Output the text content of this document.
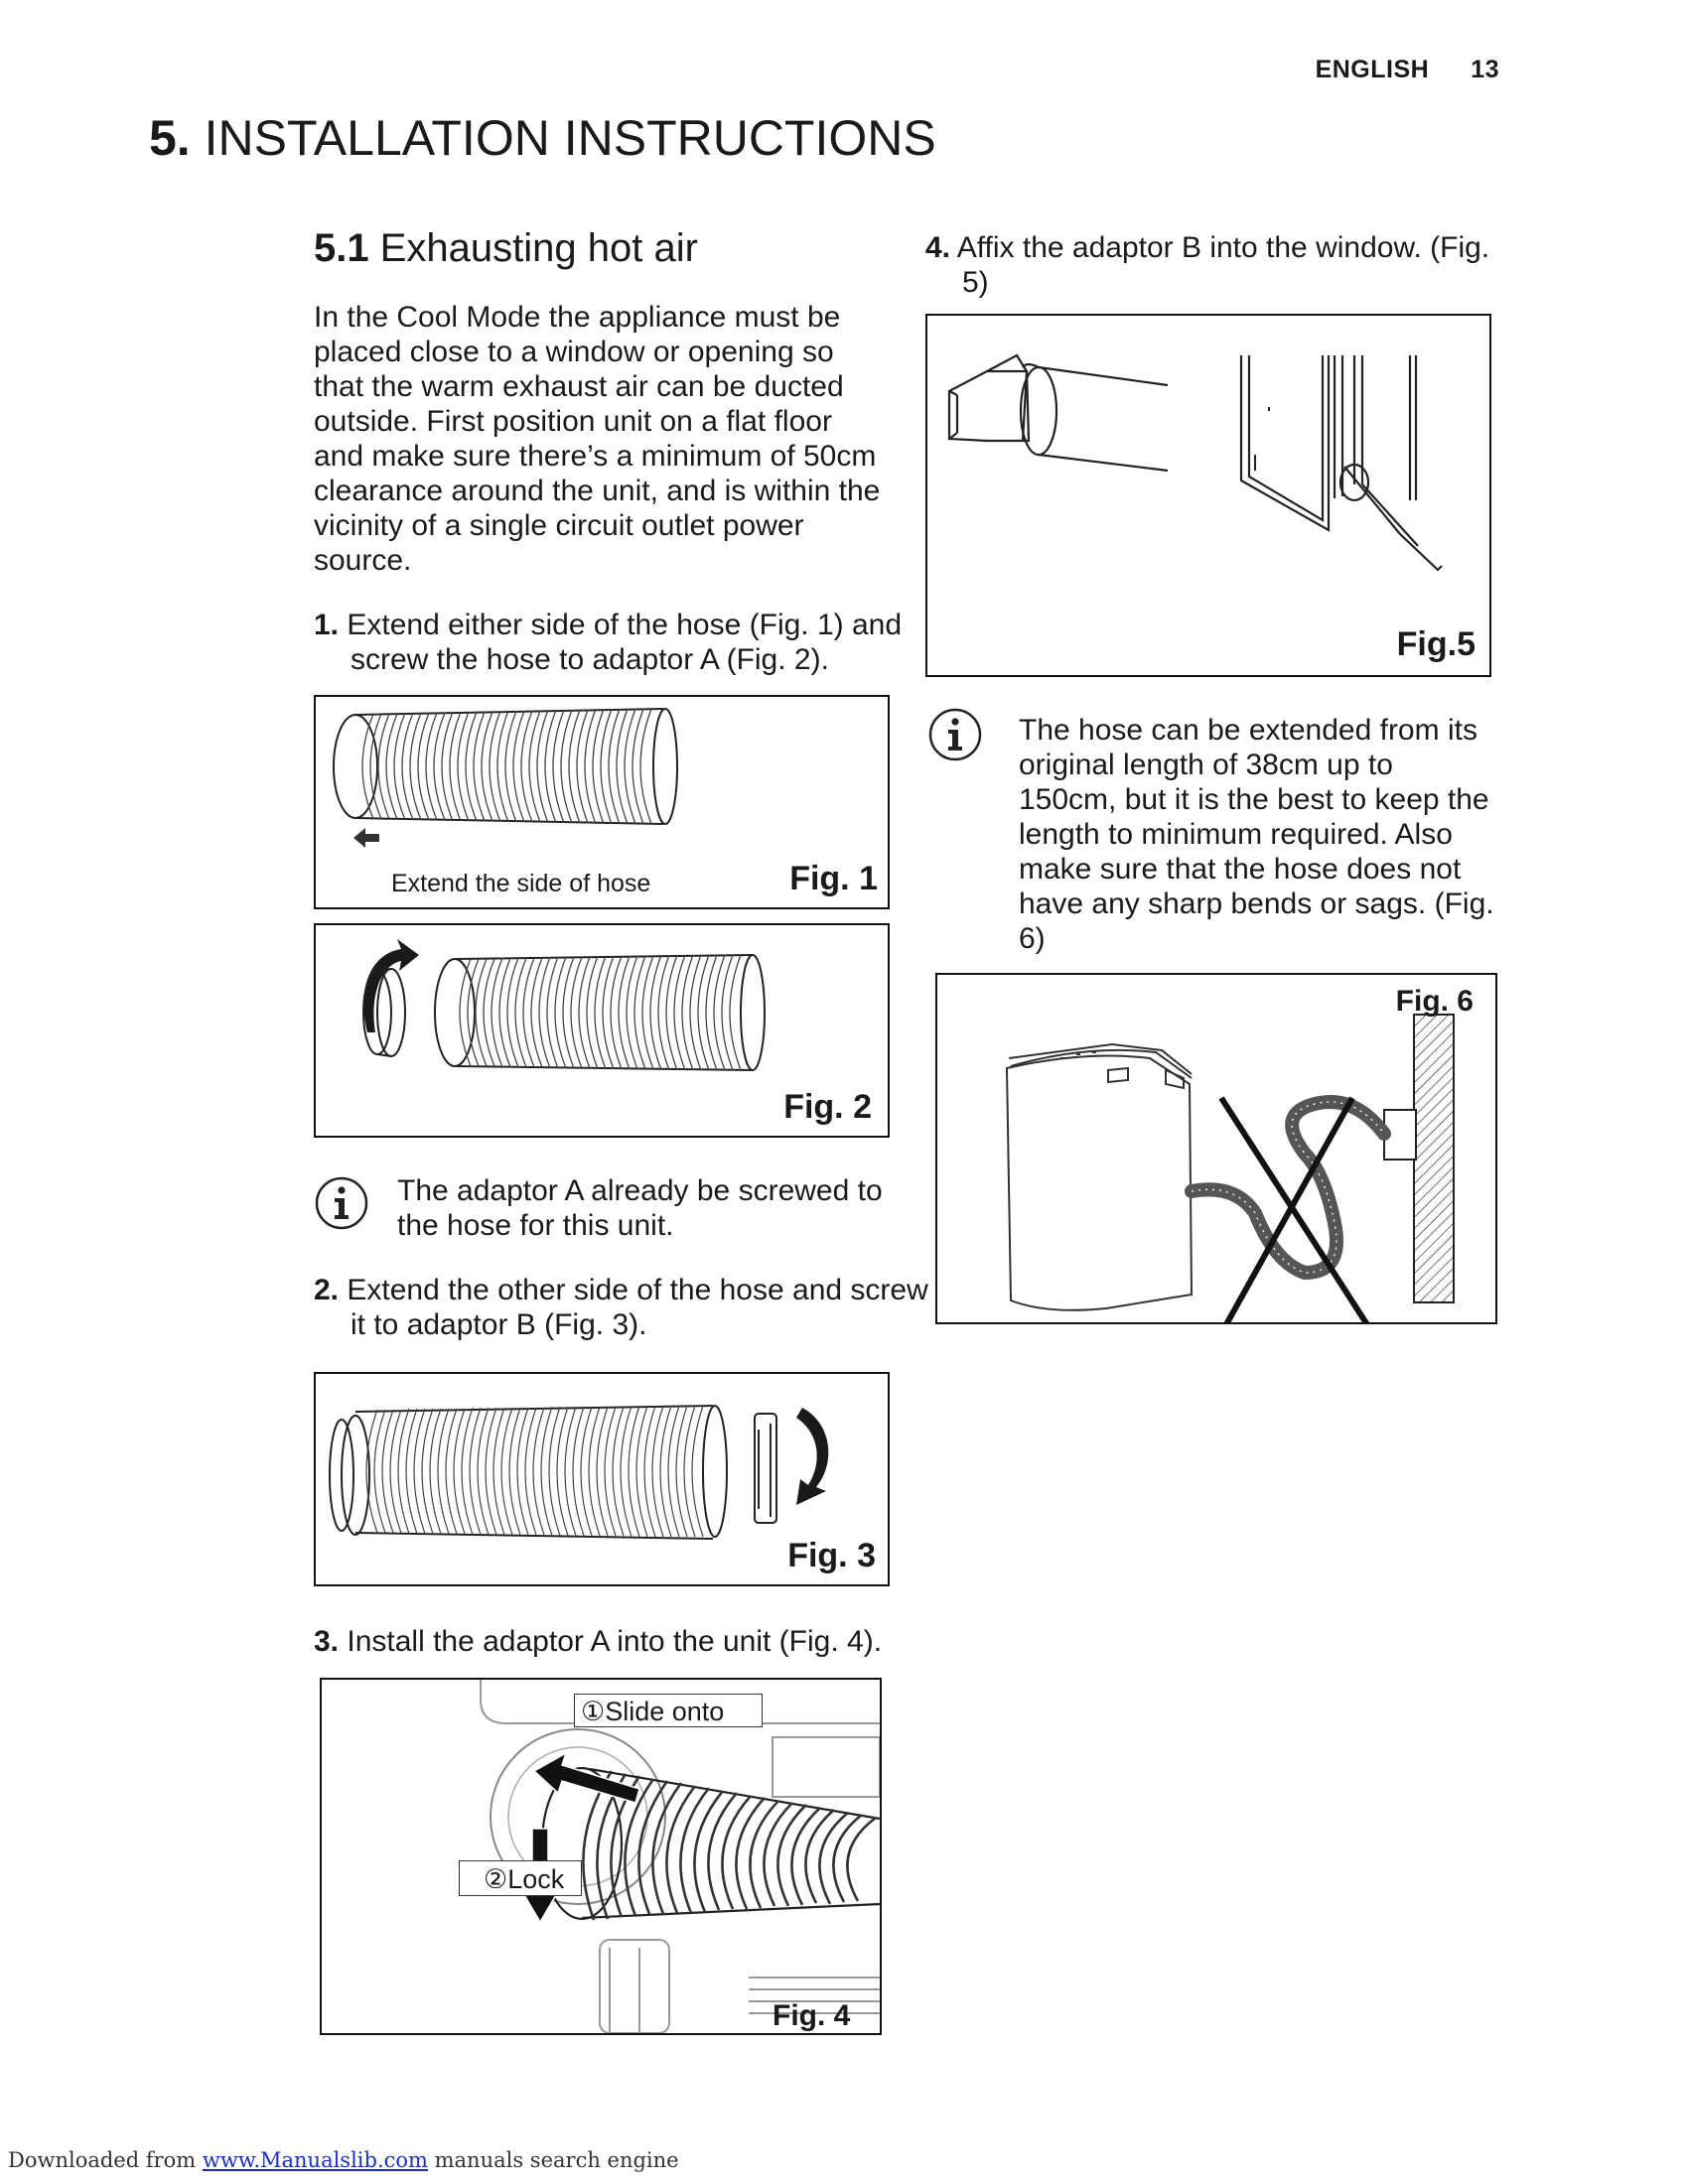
ENGLISH 13
5. INSTALLATION INSTRUCTIONS
5.1 Exhausting hot air

In the Cool Mode the appliance must be placed close to a window or opening so that the warm exhaust air can be ducted outside. First position unit on a flat floor and make sure there’s a minimum of 50cm clearance around the unit, and is within the vicinity of a single circuit outlet power source.

1. Extend either side of the hose (Fig. 1) and screw the hose to adaptor A (Fig. 2).

Extend the side of hose	Fig. 1
Fig. 2

The adaptor A already be screwed to the hose for this unit.

2. Extend the other side of the hose and screw it to adaptor B (Fig. 3).

Fig. 3

3. Install the adaptor A into the unit (Fig. 4).

①Slide onto
②Lock
Fig. 4

4. Affix the adaptor B into the window. (Fig. 5)

Fig.5

The hose can be extended from its original length of 38cm up to 150cm, but it is the best to keep the length to minimum required. Also make sure that the hose does not have any sharp bends or sags. (Fig. 6)

Fig. 6
Downloaded from www.Manualslib.com manuals search engine
